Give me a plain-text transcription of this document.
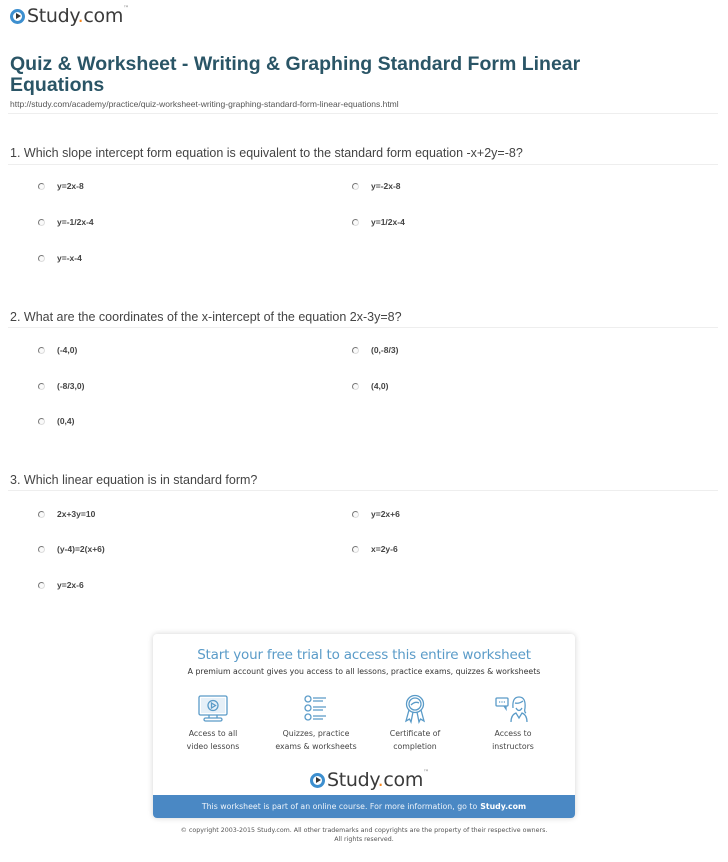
Study.com™
Quiz & Worksheet - Writing & Graphing Standard Form Linear Equations
http://study.com/academy/practice/quiz-worksheet-writing-graphing-standard-form-linear-equations.html
1. Which slope intercept form equation is equivalent to the standard form equation -x+2y=-8?
y=2x-8	y=-2x-8
y=-1/2x-4	y=1/2x-4
y=-x-4
2. What are the coordinates of the x-intercept of the equation 2x-3y=8?
(-4,0)	(0,-8/3)
(-8/3,0)	(4,0)
(0,4)
3. Which linear equation is in standard form?
2x+3y=10	y=2x+6
(y-4)=2(x+6)	x=2y-6
y=2x-6
Start your free trial to access this entire worksheet
A premium account gives you access to all lessons, practice exams, quizzes & worksheets
Access to all
video lessons
Quizzes, practice
exams & worksheets
Certificate of
completion
Access to
instructors
Study.com™
This worksheet is part of an online course. For more information, go to Study.com
© copyright 2003-2015 Study.com. All other trademarks and copyrights are the property of their respective owners.
All rights reserved.
